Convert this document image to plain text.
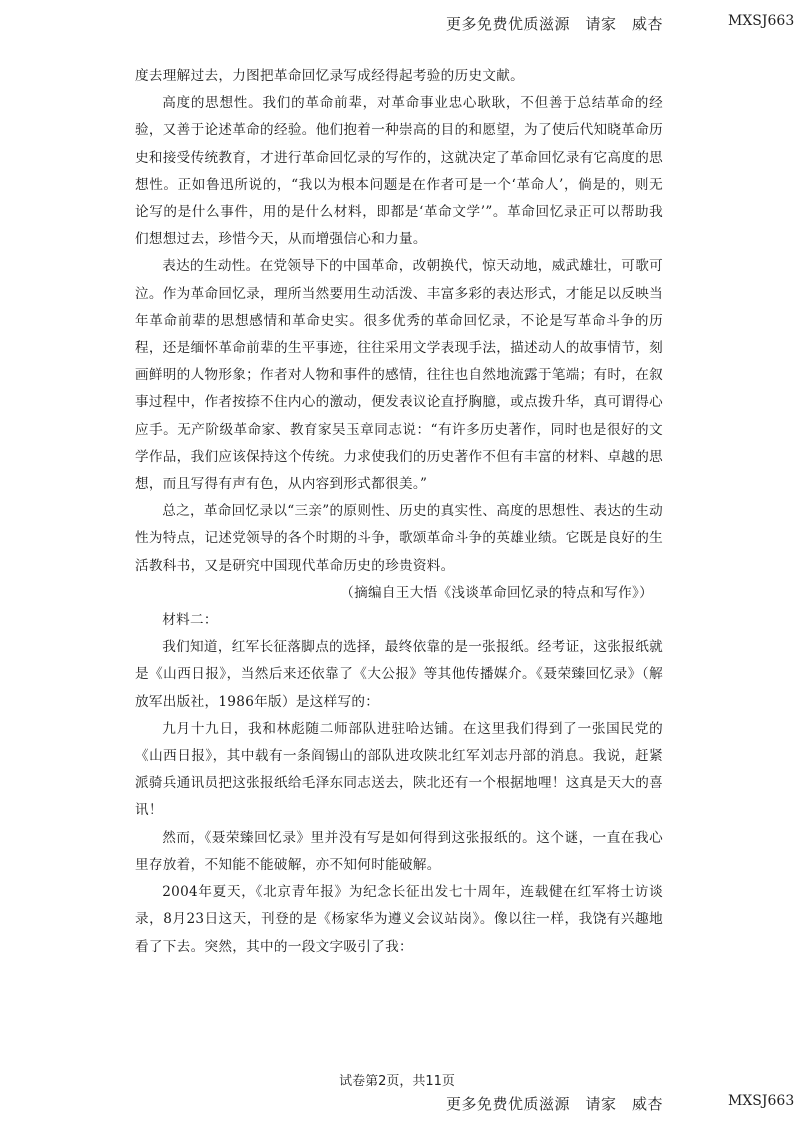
更多免费优质滋源　请家　威杏	MXSJ663

度去理解过去，力图把革命回忆录写成经得起考验的历史文献。

高度的思想性。我们的革命前辈，对革命事业忠心耿耿，不但善于总结革命的经验，又善于论述革命的经验。他们抱着一种崇高的目的和愿望，为了使后代知晓革命历史和接受传统教育，才进行革命回忆录的写作的，这就决定了革命回忆录有它高度的思想性。正如鲁迅所说的，“我以为根本问题是在作者可是一个‘革命人’，倘是的，则无论写的是什么事件，用的是什么材料，即都是‘革命文学’”。革命回忆录正可以帮助我们想想过去，珍惜今天，从而增强信心和力量。

表达的生动性。在党领导下的中国革命，改朝换代，惊天动地，威武雄壮，可歌可泣。作为革命回忆录，理所当然要用生动活泼、丰富多彩的表达形式，才能足以反映当年革命前辈的思想感情和革命史实。很多优秀的革命回忆录，不论是写革命斗争的历程，还是缅怀革命前辈的生平事迹，往往采用文学表现手法，描述动人的故事情节，刻画鲜明的人物形象；作者对人物和事件的感情，往往也自然地流露于笔端；有时，在叙事过程中，作者按捺不住内心的激动，便发表议论直抒胸臆，或点拨升华，真可谓得心应手。无产阶级革命家、教育家吴玉章同志说：“有许多历史著作，同时也是很好的文学作品，我们应该保持这个传统。力求使我们的历史著作不但有丰富的材料、卓越的思想，而且写得有声有色，从内容到形式都很美。”

总之，革命回忆录以“三亲”的原则性、历史的真实性、高度的思想性、表达的生动性为特点，记述党领导的各个时期的斗争，歌颂革命斗争的英雄业绩。它既是良好的生活教科书，又是研究中国现代革命历史的珍贵资料。

（摘编自王大悟《浅谈革命回忆录的特点和写作》）

材料二：

我们知道，红军长征落脚点的选择，最终依靠的是一张报纸。经考证，这张报纸就是《山西日报》，当然后来还依靠了《大公报》等其他传播媒介。《聂荣臻回忆录》（解放军出版社，1986年版）是这样写的：

九月十九日，我和林彪随二师部队进驻哈达铺。在这里我们得到了一张国民党的《山西日报》，其中载有一条阎锡山的部队进攻陕北红军刘志丹部的消息。我说，赶紧派骑兵通讯员把这张报纸给毛泽东同志送去，陕北还有一个根据地哩！这真是天大的喜讯！

然而，《聂荣臻回忆录》里并没有写是如何得到这张报纸的。这个谜，一直在我心里存放着，不知能不能破解，亦不知何时能破解。

2004年夏天，《北京青年报》为纪念长征出发七十周年，连载健在红军将士访谈录，8月23日这天，刊登的是《杨家华为遵义会议站岗》。像以往一样，我饶有兴趣地看了下去。突然，其中的一段文字吸引了我：

试卷第2页，共11页
更多免费优质滋源　请家　威杏	MXSJ663
